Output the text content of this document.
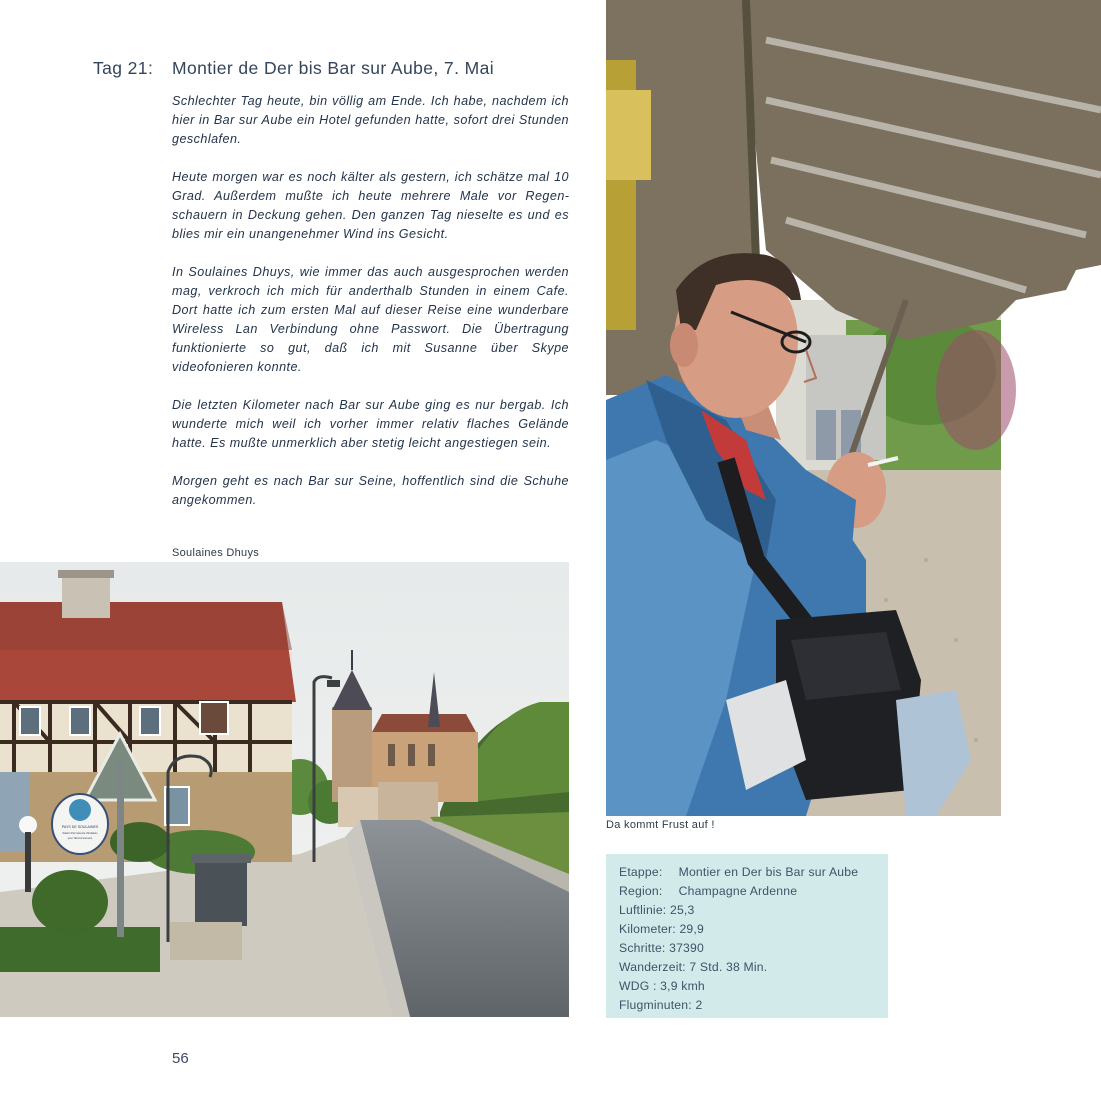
Tag 21: Montier de Der bis Bar sur Aube, 7. Mai

Schlechter Tag heute, bin völlig am Ende. Ich habe, nachdem ich hier in Bar sur Aube ein Hotel gefunden hatte, sofort drei Stunden geschlafen.

Heute morgen war es noch kälter als gestern, ich schätze mal 10 Grad. Außerdem mußte ich heute mehrere Male vor Regenschauern in Deckung gehen. Den ganzen Tag nieselte es und es blies mir ein unangenehmer Wind ins Gesicht.

In Soulaines Dhuys, wie immer das auch ausgesprochen werden mag, verkroch ich mich für anderthalb Stunden in einem Cafe. Dort hatte ich zum ersten Mal auf dieser Reise eine wunderbare Wireless Lan Verbindung ohne Passwort. Die Übertragung funktionierte so gut, daß ich mit Susanne über Skype videofonieren konnte.

Die letzten Kilometer nach Bar sur Aube ging es nur bergab. Ich wunderte mich weil ich vorher immer relativ flaches Gelände hatte. Es mußte unmerklich aber stetig leicht angestiegen sein.

Morgen geht es nach Bar sur Seine, hoffentlich sind die Schuhe angekommen.

Soulaines Dhuys
PAYS DE SOULAINES
Station Permanente d'Initiation
pour l'Environnement
Da kommt Frust auf !
Etappe: Montier en Der bis Bar sur Aube
Region: Champagne Ardenne
Luftlinie: 25,3
Kilometer: 29,9
Schritte: 37390
Wanderzeit: 7 Std. 38 Min.
WDG : 3,9 kmh
Flugminuten: 2
56
